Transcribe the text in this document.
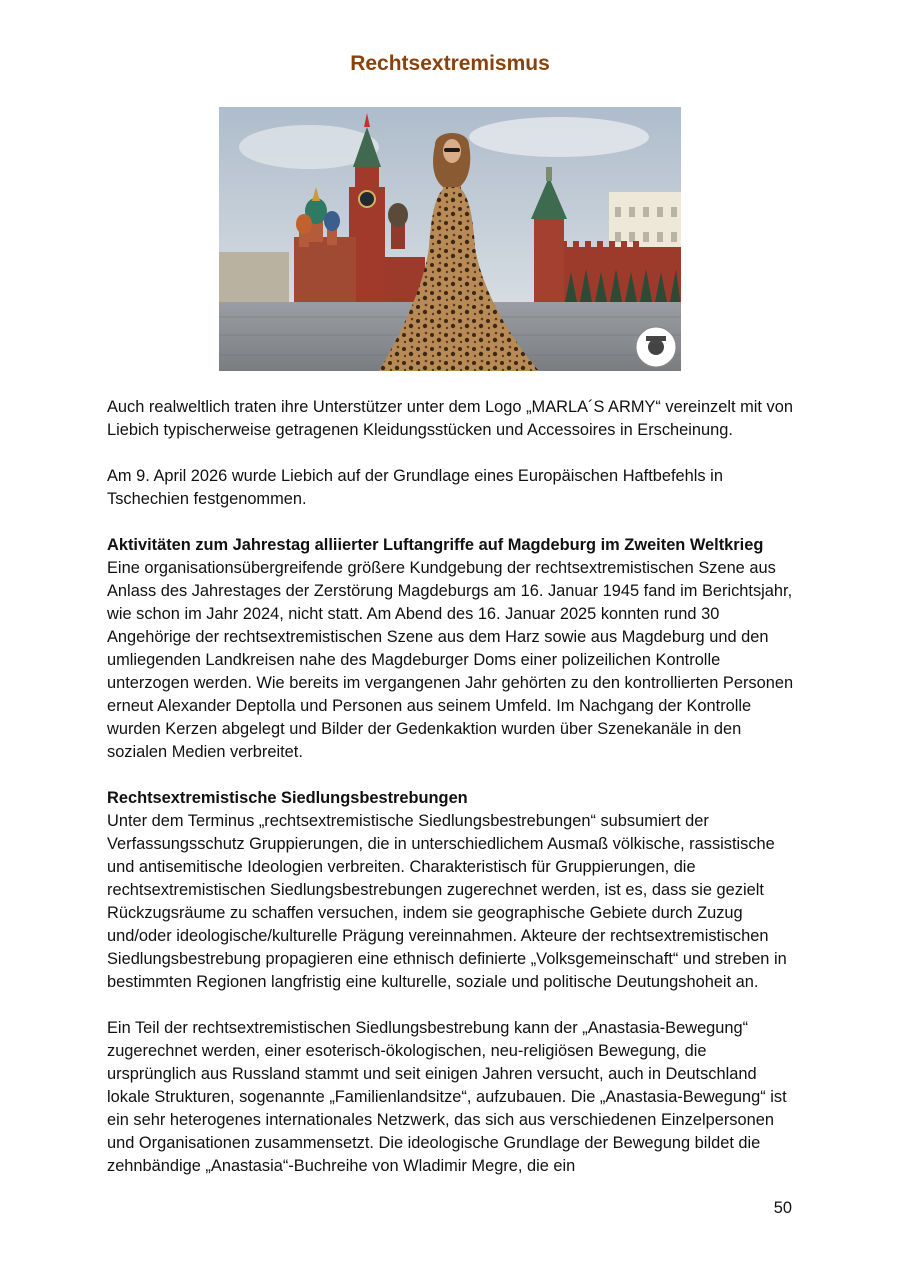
Rechtsextremismus

Auch realweltlich traten ihre Unterstützer unter dem Logo „MARLA´S ARMY“ vereinzelt mit von Liebich typischerweise getragenen Kleidungsstücken und Accessoires in Erscheinung.

Am 9. April 2026 wurde Liebich auf der Grundlage eines Europäischen Haftbefehls in Tschechien festgenommen.

Aktivitäten zum Jahrestag alliierter Luftangriffe auf Magdeburg im Zweiten Weltkrieg

Eine organisationsübergreifende größere Kundgebung der rechtsextremistischen Szene aus Anlass des Jahrestages der Zerstörung Magdeburgs am 16. Januar 1945 fand im Berichtsjahr, wie schon im Jahr 2024, nicht statt. Am Abend des 16. Januar 2025 konnten rund 30 Angehörige der rechtsextremistischen Szene aus dem Harz sowie aus Magdeburg und den umliegenden Landkreisen nahe des Magdeburger Doms einer polizeilichen Kontrolle unterzogen werden. Wie bereits im vergangenen Jahr gehörten zu den kontrollierten Personen erneut Alexander Deptolla und Personen aus seinem Umfeld. Im Nachgang der Kontrolle wurden Kerzen abgelegt und Bilder der Gedenkaktion wurden über Szenekanäle in den sozialen Medien verbreitet.

Rechtsextremistische Siedlungsbestrebungen

Unter dem Terminus „rechtsextremistische Siedlungsbestrebungen“ subsumiert der Verfassungsschutz Gruppierungen, die in unterschiedlichem Ausmaß völkische, rassistische und antisemitische Ideologien verbreiten. Charakteristisch für Gruppierungen, die rechtsextremistischen Siedlungsbestrebungen zugerechnet werden, ist es, dass sie gezielt Rückzugsräume zu schaffen versuchen, indem sie geographische Gebiete durch Zuzug und/oder ideologische/kulturelle Prägung vereinnahmen. Akteure der rechtsextremistischen Siedlungsbestrebung propagieren eine ethnisch definierte „Volksgemeinschaft“ und streben in bestimmten Regionen langfristig eine kulturelle, soziale und politische Deutungshoheit an.

Ein Teil der rechtsextremistischen Siedlungsbestrebung kann der „Anastasia-Bewegung“ zugerechnet werden, einer esoterisch-ökologischen, neu-religiösen Bewegung, die ursprünglich aus Russland stammt und seit einigen Jahren versucht, auch in Deutschland lokale Strukturen, sogenannte „Familienlandsitze“, aufzubauen. Die „Anastasia-Bewegung“ ist ein sehr heterogenes internationales Netzwerk, das sich aus verschiedenen Einzelpersonen und Organisationen zusammensetzt. Die ideologische Grundlage der Bewegung bildet die zehnbändige „Anastasia“-Buchreihe von Wladimir Megre, die ein

50
